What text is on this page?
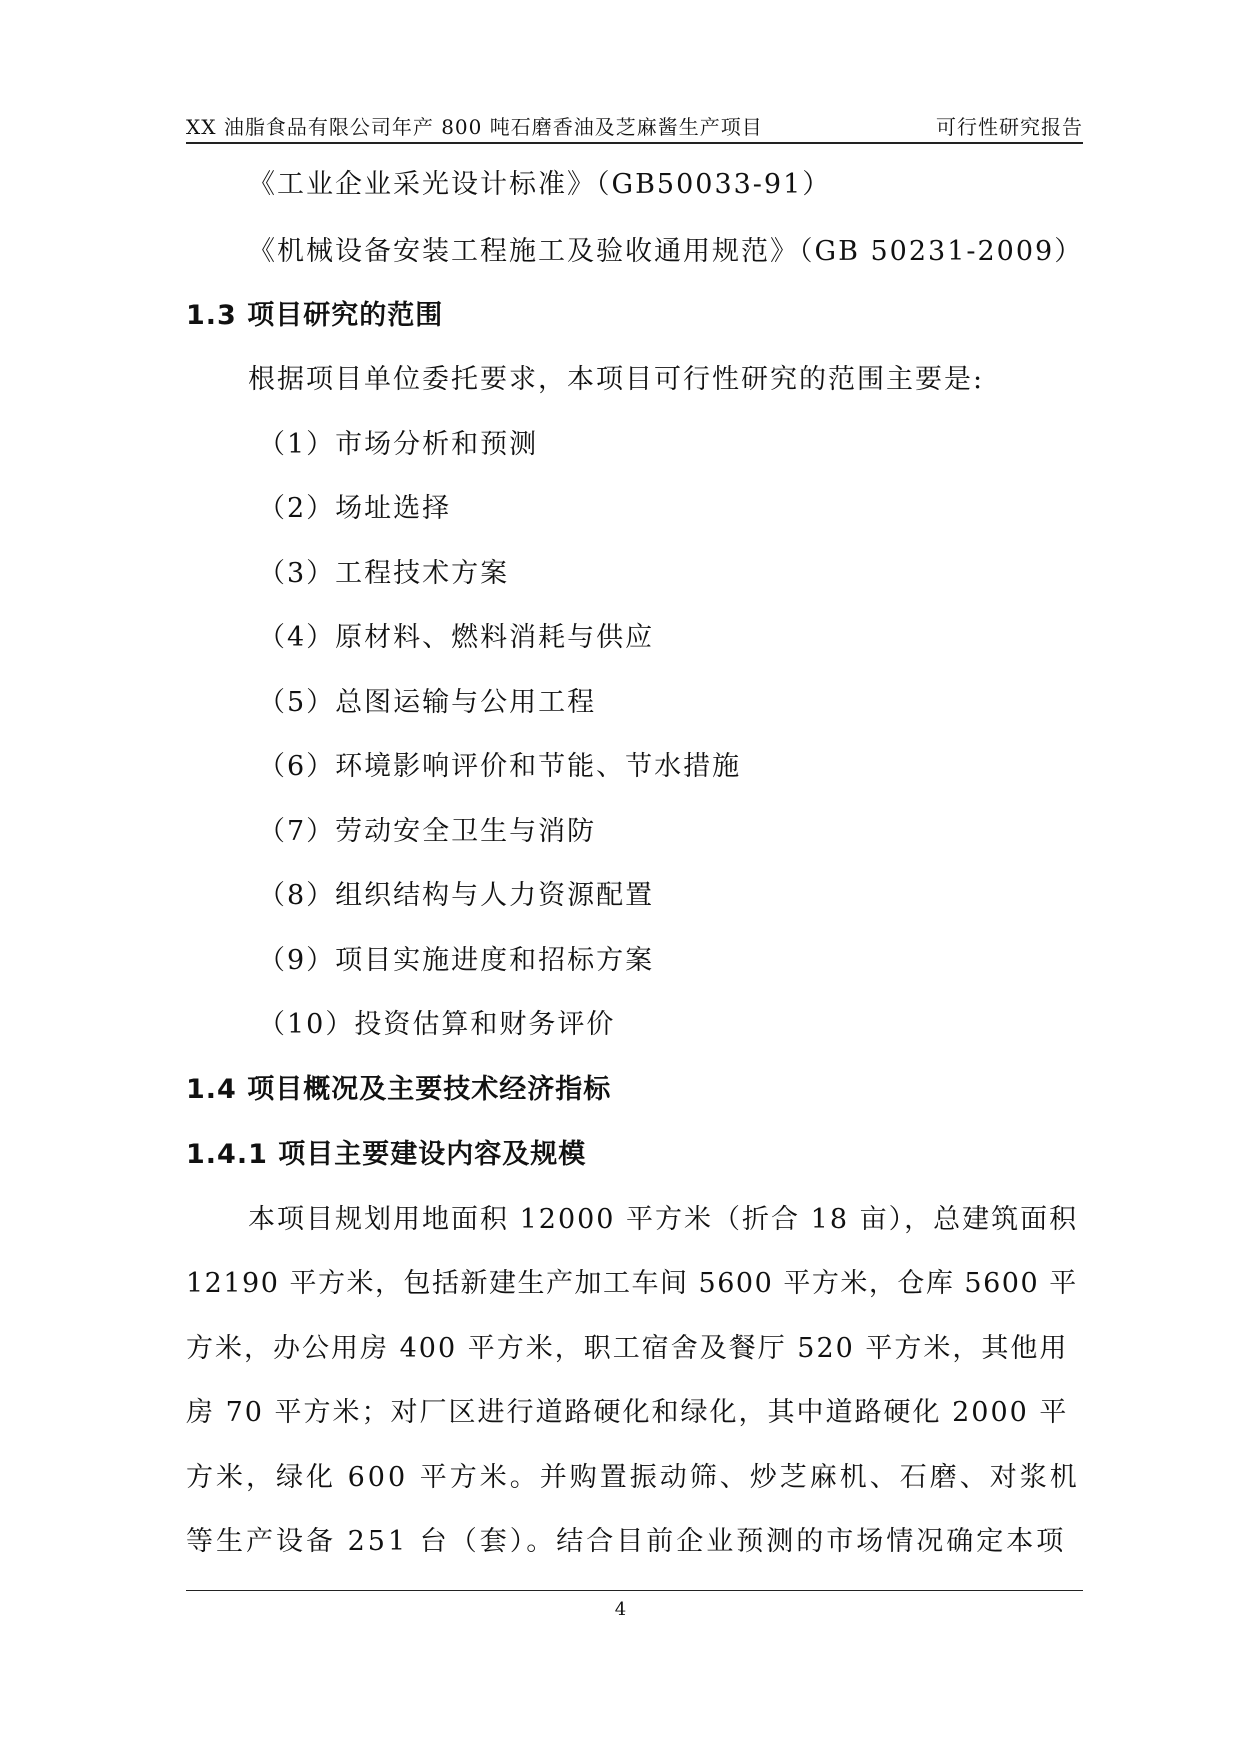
XX 油脂食品有限公司年产 800 吨石磨香油及芝麻酱生产项目	可行性研究报告
《工业企业采光设计标准》（GB50033-91）
《机械设备安装工程施工及验收通用规范》（GB 50231-2009）
1.3 项目研究的范围
根据项目单位委托要求，本项目可行性研究的范围主要是:
（1）市场分析和预测
（2）场址选择
（3）工程技术方案
（4）原材料、燃料消耗与供应
（5）总图运输与公用工程
（6）环境影响评价和节能、节水措施
（7）劳动安全卫生与消防
（8）组织结构与人力资源配置
（9）项目实施进度和招标方案
（10）投资估算和财务评价
1.4 项目概况及主要技术经济指标
1.4.1 项目主要建设内容及规模
本项目规划用地面积 12000 平方米（折合 18 亩），总建筑面积
12190 平方米，包括新建生产加工车间 5600 平方米，仓库 5600 平
方米，办公用房 400 平方米，职工宿舍及餐厅 520 平方米，其他用
房 70 平方米；对厂区进行道路硬化和绿化，其中道路硬化 2000 平
方米，绿化 600 平方米。并购置振动筛、炒芝麻机、石磨、对浆机
等生产设备 251 台（套）。结合目前企业预测的市场情况确定本项
4
